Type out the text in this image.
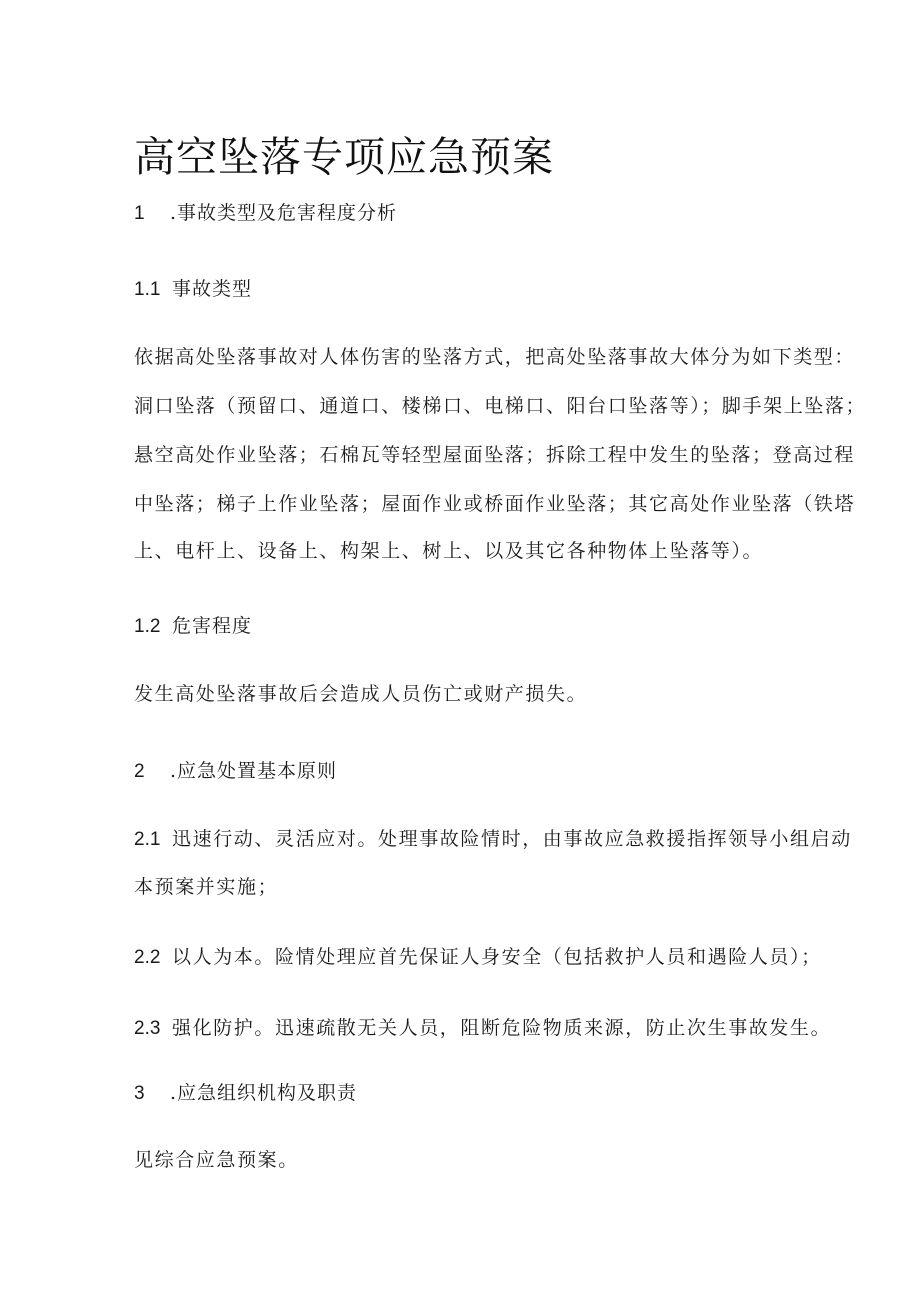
高空坠落专项应急预案
1 .事故类型及危害程度分析
1.1 事故类型
依据高处坠落事故对人体伤害的坠落方式，把高处坠落事故大体分为如下类型：
洞口坠落（预留口、通道口、楼梯口、电梯口、阳台口坠落等）；脚手架上坠落；
悬空高处作业坠落；石棉瓦等轻型屋面坠落；拆除工程中发生的坠落；登高过程
中坠落；梯子上作业坠落；屋面作业或桥面作业坠落；其它高处作业坠落（铁塔
上、电杆上、设备上、构架上、树上、以及其它各种物体上坠落等）。
1.2 危害程度
发生高处坠落事故后会造成人员伤亡或财产损失。
2 .应急处置基本原则
2.1 迅速行动、灵活应对。处理事故险情时，由事故应急救援指挥领导小组启动
本预案并实施；
2.2 以人为本。险情处理应首先保证人身安全（包括救护人员和遇险人员）；
2.3 强化防护。迅速疏散无关人员，阻断危险物质来源，防止次生事故发生。
3 .应急组织机构及职责
见综合应急预案。
